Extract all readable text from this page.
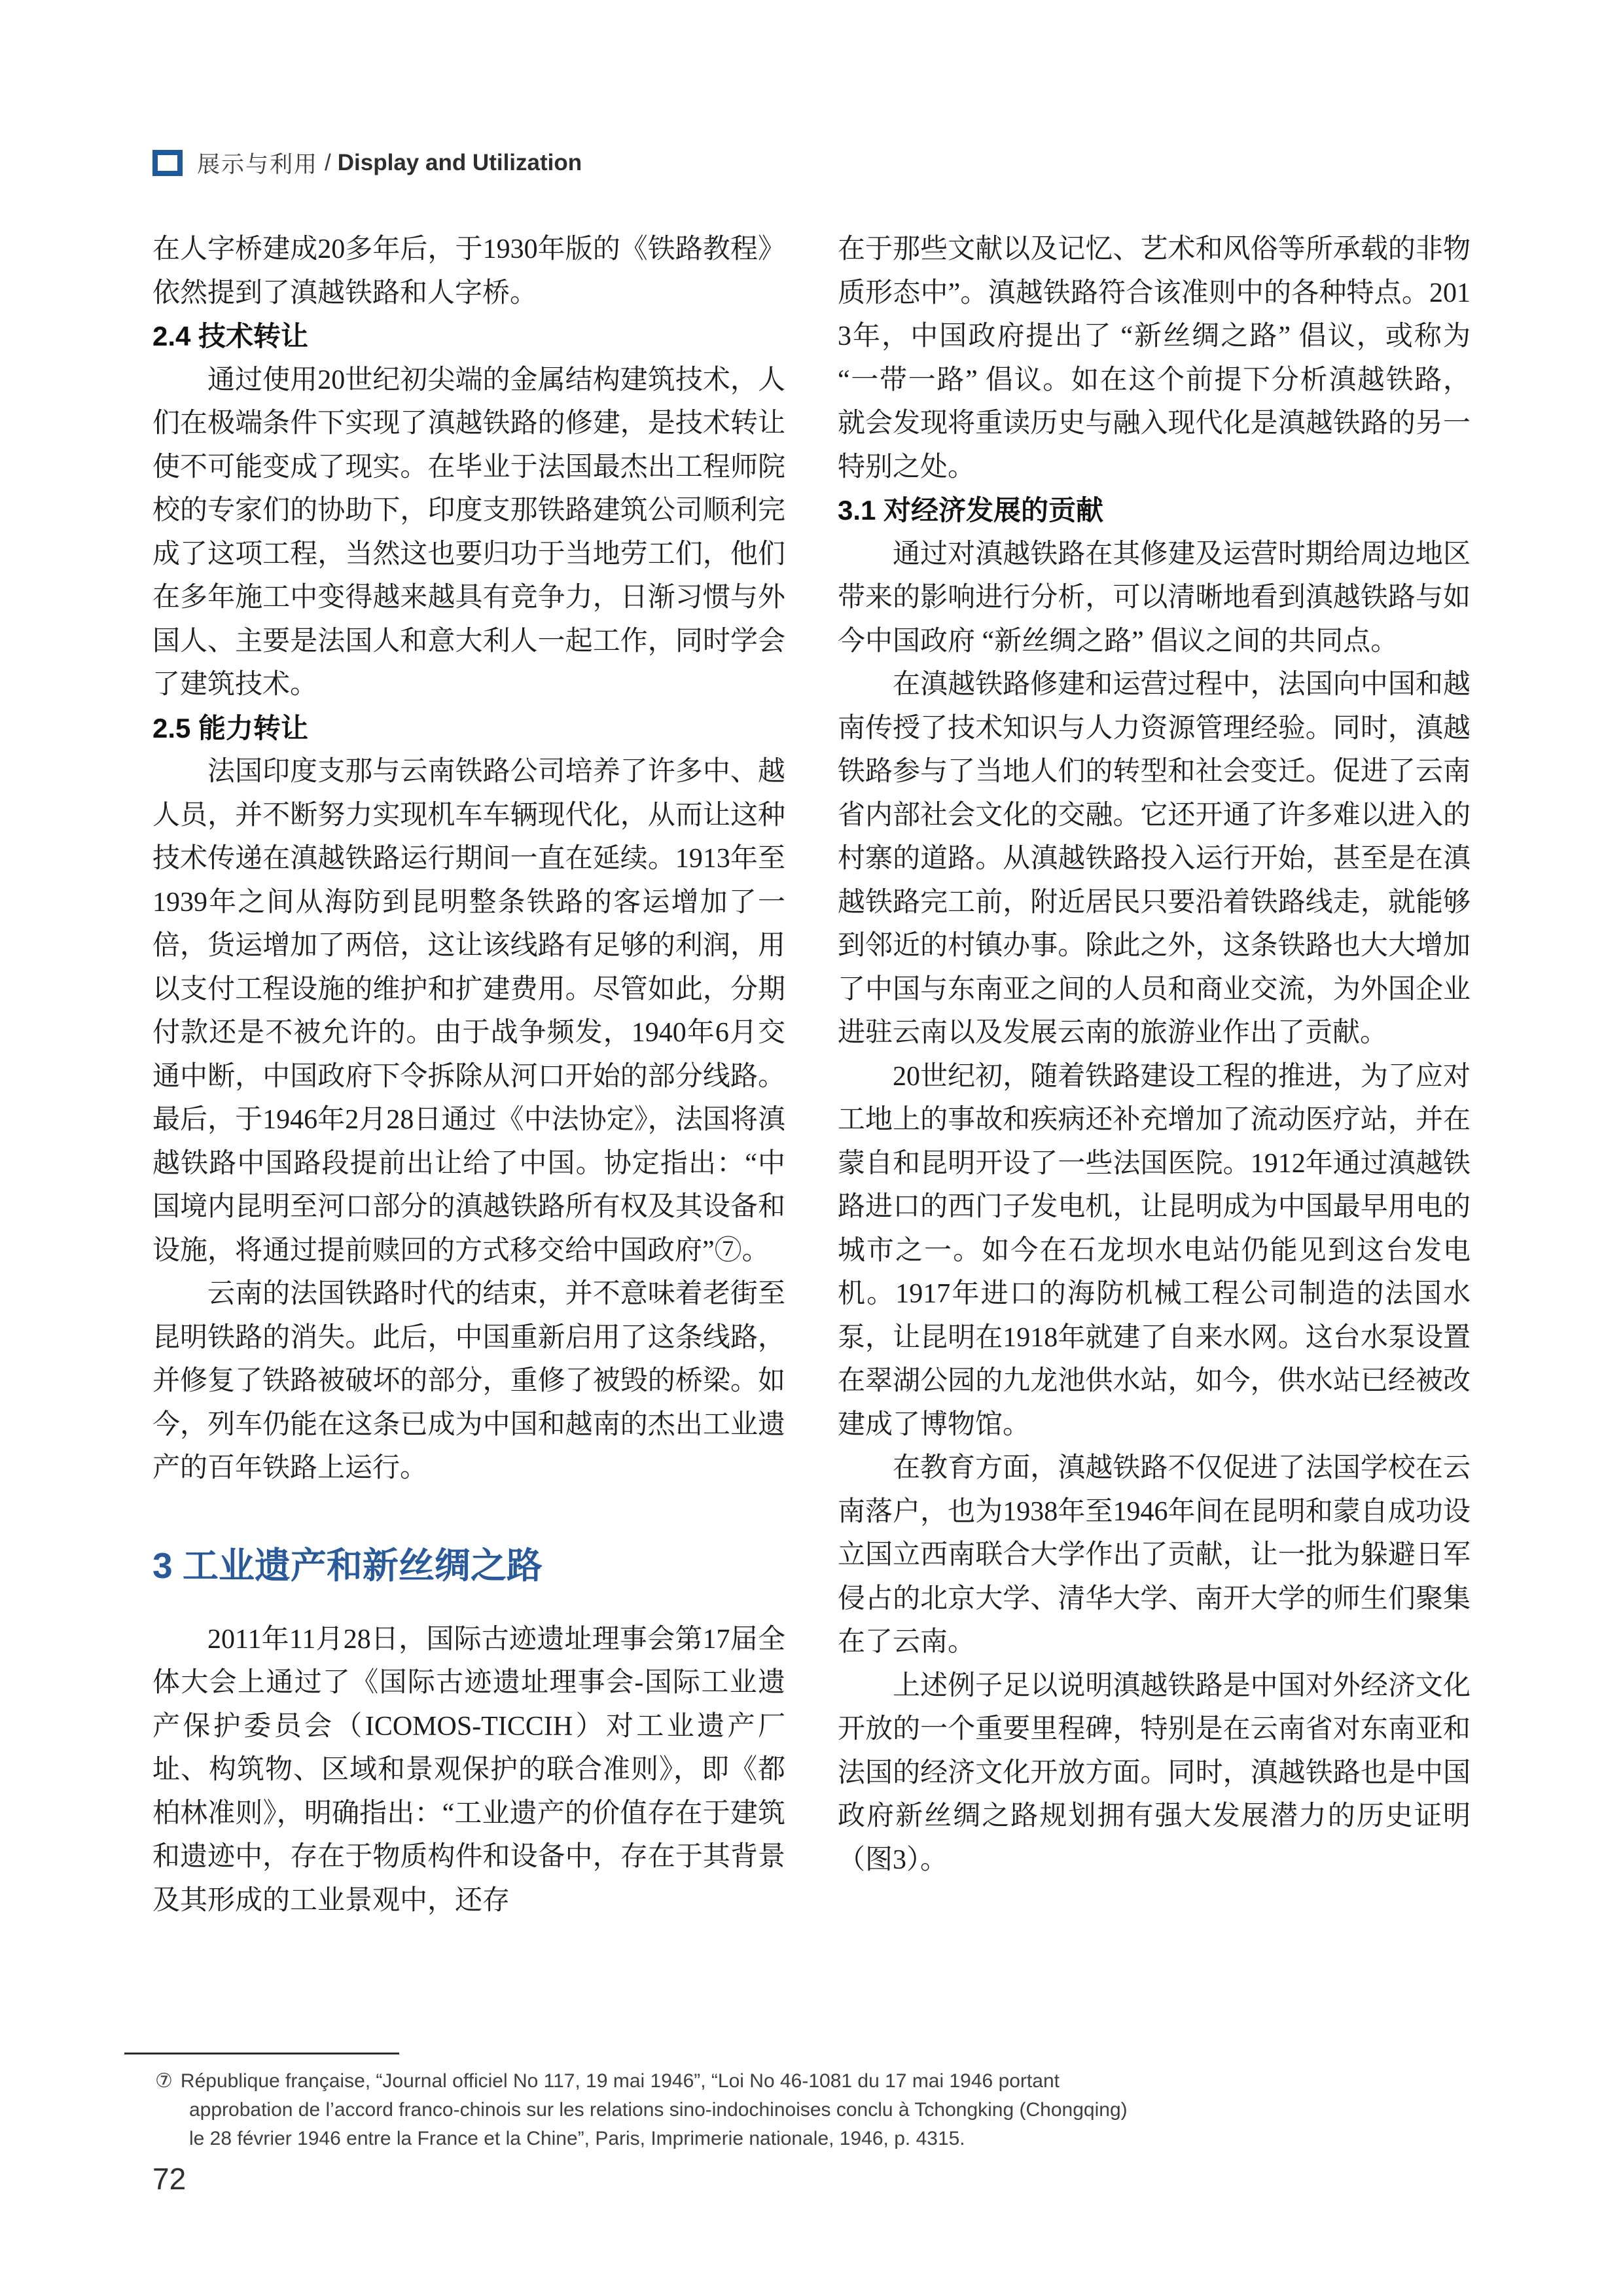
展示与利用 / Display and Utilization

在人字桥建成20多年后，于1930年版的《铁路教程》依然提到了滇越铁路和人字桥。

2.4 技术转让

通过使用20世纪初尖端的金属结构建筑技术，人们在极端条件下实现了滇越铁路的修建，是技术转让使不可能变成了现实。在毕业于法国最杰出工程师院校的专家们的协助下，印度支那铁路建筑公司顺利完成了这项工程，当然这也要归功于当地劳工们，他们在多年施工中变得越来越具有竞争力，日渐习惯与外国人、主要是法国人和意大利人一起工作，同时学会了建筑技术。

2.5 能力转让

法国印度支那与云南铁路公司培养了许多中、越人员，并不断努力实现机车车辆现代化，从而让这种技术传递在滇越铁路运行期间一直在延续。1913年至1939年之间从海防到昆明整条铁路的客运增加了一倍，货运增加了两倍，这让该线路有足够的利润，用以支付工程设施的维护和扩建费用。尽管如此，分期付款还是不被允许的。由于战争频发，1940年6月交通中断，中国政府下令拆除从河口开始的部分线路。最后，于1946年2月28日通过《中法协定》，法国将滇越铁路中国路段提前出让给了中国。协定指出：“中国境内昆明至河口部分的滇越铁路所有权及其设备和设施，将通过提前赎回的方式移交给中国政府”⑦。

云南的法国铁路时代的结束，并不意味着老街至昆明铁路的消失。此后，中国重新启用了这条线路，并修复了铁路被破坏的部分，重修了被毁的桥梁。如今，列车仍能在这条已成为中国和越南的杰出工业遗产的百年铁路上运行。

3 工业遗产和新丝绸之路

2011年11月28日，国际古迹遗址理事会第17届全体大会上通过了《国际古迹遗址理事会-国际工业遗产保护委员会（ICOMOS-TICCIH）对工业遗产厂址、构筑物、区域和景观保护的联合准则》，即《都柏林准则》，明确指出：“工业遗产的价值存在于建筑和遗迹中，存在于物质构件和设备中，存在于其背景及其形成的工业景观中，还存

在于那些文献以及记忆、艺术和风俗等所承载的非物质形态中”。滇越铁路符合该准则中的各种特点。2013年，中国政府提出了 “新丝绸之路” 倡议，或称为 “一带一路” 倡议。如在这个前提下分析滇越铁路，就会发现将重读历史与融入现代化是滇越铁路的另一特别之处。

3.1 对经济发展的贡献

通过对滇越铁路在其修建及运营时期给周边地区带来的影响进行分析，可以清晰地看到滇越铁路与如今中国政府 “新丝绸之路” 倡议之间的共同点。

在滇越铁路修建和运营过程中，法国向中国和越南传授了技术知识与人力资源管理经验。同时，滇越铁路参与了当地人们的转型和社会变迁。促进了云南省内部社会文化的交融。它还开通了许多难以进入的村寨的道路。从滇越铁路投入运行开始，甚至是在滇越铁路完工前，附近居民只要沿着铁路线走，就能够到邻近的村镇办事。除此之外，这条铁路也大大增加了中国与东南亚之间的人员和商业交流，为外国企业进驻云南以及发展云南的旅游业作出了贡献。

20世纪初，随着铁路建设工程的推进，为了应对工地上的事故和疾病还补充增加了流动医疗站，并在蒙自和昆明开设了一些法国医院。1912年通过滇越铁路进口的西门子发电机，让昆明成为中国最早用电的城市之一。如今在石龙坝水电站仍能见到这台发电机。1917年进口的海防机械工程公司制造的法国水泵，让昆明在1918年就建了自来水网。这台水泵设置在翠湖公园的九龙池供水站，如今，供水站已经被改建成了博物馆。

在教育方面，滇越铁路不仅促进了法国学校在云南落户，也为1938年至1946年间在昆明和蒙自成功设立国立西南联合大学作出了贡献，让一批为躲避日军侵占的北京大学、清华大学、南开大学的师生们聚集在了云南。

上述例子足以说明滇越铁路是中国对外经济文化开放的一个重要里程碑，特别是在云南省对东南亚和法国的经济文化开放方面。同时，滇越铁路也是中国政府新丝绸之路规划拥有强大发展潜力的历史证明（图3）。

⑦ République française, “Journal officiel No 117, 19 mai 1946”, “Loi No 46-1081 du 17 mai 1946 portant
approbation de l’accord franco-chinois sur les relations sino-indochinoises conclu à Tchongking (Chongqing)
le 28 février 1946 entre la France et la Chine”, Paris, Imprimerie nationale, 1946, p. 4315.
72
